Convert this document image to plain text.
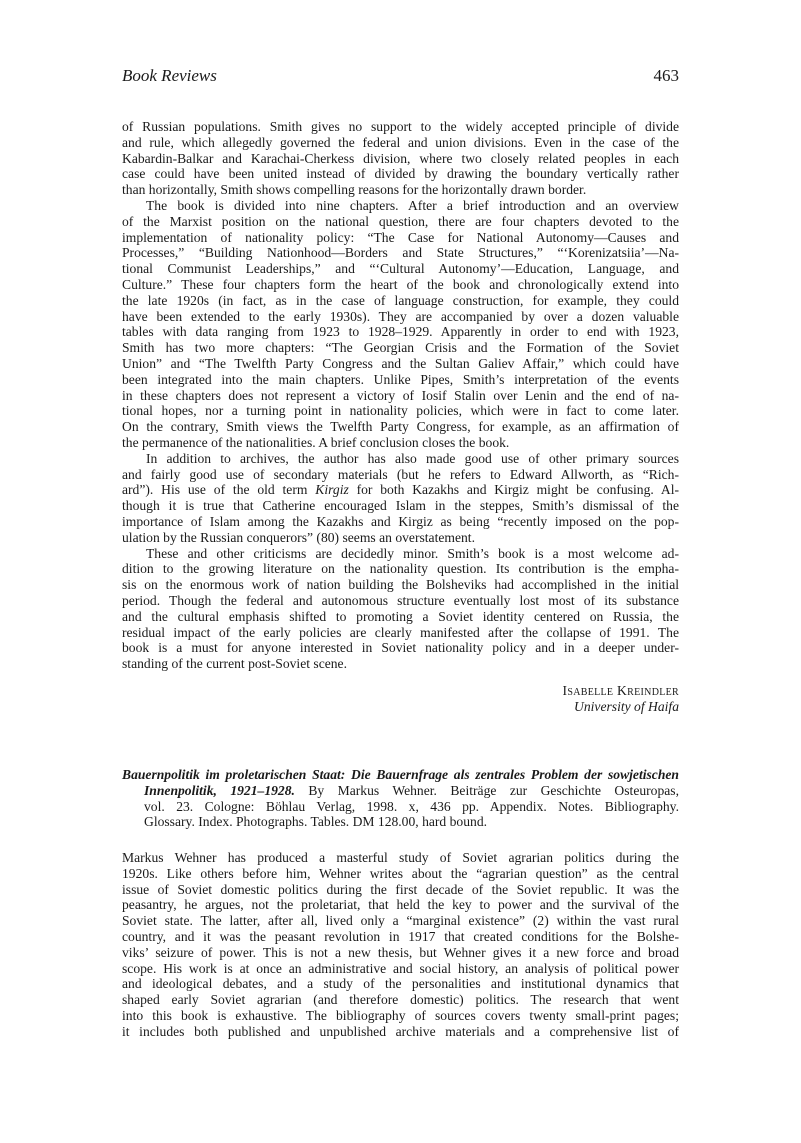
Book Reviews	463
of Russian populations. Smith gives no support to the widely accepted principle of divide
and rule, which allegedly governed the federal and union divisions. Even in the case of the
Kabardin-Balkar and Karachai-Cherkess division, where two closely related peoples in each
case could have been united instead of divided by drawing the boundary vertically rather
than horizontally, Smith shows compelling reasons for the horizontally drawn border.
The book is divided into nine chapters. After a brief introduction and an overview
of the Marxist position on the national question, there are four chapters devoted to the
implementation of nationality policy: “The Case for National Autonomy—Causes and
Processes,” “Building Nationhood—Borders and State Structures,” “‘Korenizatsiia’—Na-
tional Communist Leaderships,” and “‘Cultural Autonomy’—Education, Language, and
Culture.” These four chapters form the heart of the book and chronologically extend into
the late 1920s (in fact, as in the case of language construction, for example, they could
have been extended to the early 1930s). They are accompanied by over a dozen valuable
tables with data ranging from 1923 to 1928–1929. Apparently in order to end with 1923,
Smith has two more chapters: “The Georgian Crisis and the Formation of the Soviet
Union” and “The Twelfth Party Congress and the Sultan Galiev Affair,” which could have
been integrated into the main chapters. Unlike Pipes, Smith’s interpretation of the events
in these chapters does not represent a victory of Iosif Stalin over Lenin and the end of na-
tional hopes, nor a turning point in nationality policies, which were in fact to come later.
On the contrary, Smith views the Twelfth Party Congress, for example, as an affirmation of
the permanence of the nationalities. A brief conclusion closes the book.
In addition to archives, the author has also made good use of other primary sources
and fairly good use of secondary materials (but he refers to Edward Allworth, as “Rich-
ard”). His use of the old term Kirgiz for both Kazakhs and Kirgiz might be confusing. Al-
though it is true that Catherine encouraged Islam in the steppes, Smith’s dismissal of the
importance of Islam among the Kazakhs and Kirgiz as being “recently imposed on the pop-
ulation by the Russian conquerors” (80) seems an overstatement.
These and other criticisms are decidedly minor. Smith’s book is a most welcome ad-
dition to the growing literature on the nationality question. Its contribution is the empha-
sis on the enormous work of nation building the Bolsheviks had accomplished in the initial
period. Though the federal and autonomous structure eventually lost most of its substance
and the cultural emphasis shifted to promoting a Soviet identity centered on Russia, the
residual impact of the early policies are clearly manifested after the collapse of 1991. The
book is a must for anyone interested in Soviet nationality policy and in a deeper under-
standing of the current post-Soviet scene.
Isabelle Kreindler
University of Haifa
Bauernpolitik im proletarischen Staat: Die Bauernfrage als zentrales Problem der sowjetischen
Innenpolitik, 1921–1928. By Markus Wehner. Beiträge zur Geschichte Osteuropas,
vol. 23. Cologne: Böhlau Verlag, 1998. x, 436 pp. Appendix. Notes. Bibliography.
Glossary. Index. Photographs. Tables. DM 128.00, hard bound.
Markus Wehner has produced a masterful study of Soviet agrarian politics during the
1920s. Like others before him, Wehner writes about the “agrarian question” as the central
issue of Soviet domestic politics during the first decade of the Soviet republic. It was the
peasantry, he argues, not the proletariat, that held the key to power and the survival of the
Soviet state. The latter, after all, lived only a “marginal existence” (2) within the vast rural
country, and it was the peasant revolution in 1917 that created conditions for the Bolshe-
viks’ seizure of power. This is not a new thesis, but Wehner gives it a new force and broad
scope. His work is at once an administrative and social history, an analysis of political power
and ideological debates, and a study of the personalities and institutional dynamics that
shaped early Soviet agrarian (and therefore domestic) politics. The research that went
into this book is exhaustive. The bibliography of sources covers twenty small-print pages;
it includes both published and unpublished archive materials and a comprehensive list of
